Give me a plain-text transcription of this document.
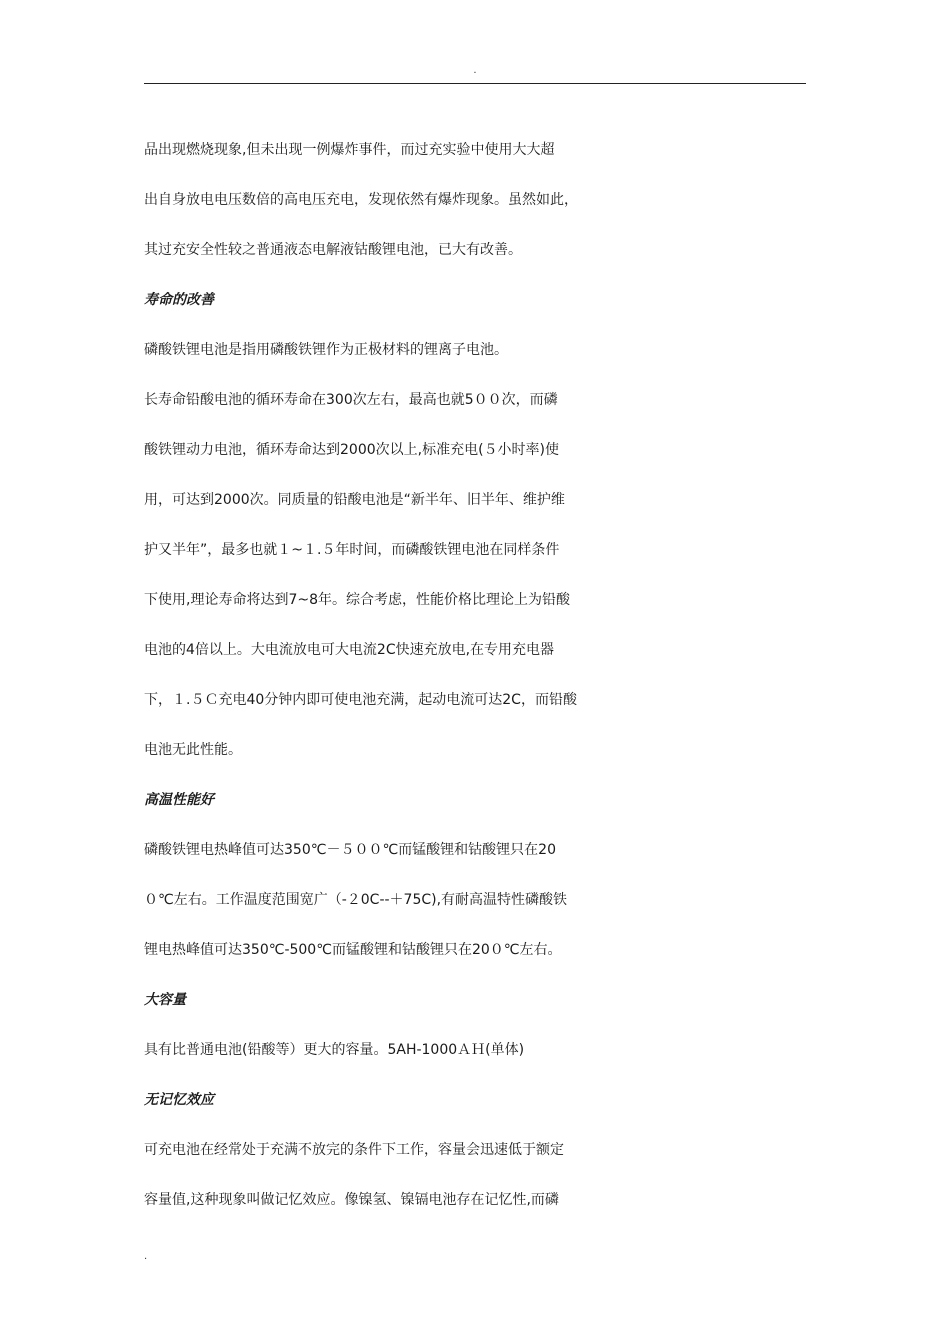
.
品出现燃烧现象,但未出现一例爆炸事件，而过充实验中使用大大超
出自身放电电压数倍的高电压充电，发现依然有爆炸现象。虽然如此，
其过充安全性较之普通液态电解液钴酸锂电池，已大有改善。
寿命的改善
磷酸铁锂电池是指用磷酸铁锂作为正极材料的锂离子电池。
长寿命铅酸电池的循环寿命在300次左右，最高也就5００次，而磷
酸铁锂动力电池，循环寿命达到2000次以上,标准充电(５小时率)使
用，可达到2000次。同质量的铅酸电池是“新半年、旧半年、维护维
护又半年”，最多也就１~１.５年时间，而磷酸铁锂电池在同样条件
下使用,理论寿命将达到7~8年。综合考虑，性能价格比理论上为铅酸
电池的4倍以上。大电流放电可大电流2C快速充放电,在专用充电器
下，１.５Ｃ充电40分钟内即可使电池充满，起动电流可达2C，而铅酸
电池无此性能。
高温性能好
磷酸铁锂电热峰值可达350℃－５００℃而锰酸锂和钴酸锂只在20
０℃左右。工作温度范围宽广（-２0C--＋75C),有耐高温特性磷酸铁
锂电热峰值可达350℃-500℃而锰酸锂和钴酸锂只在20０℃左右。
大容量
具有比普通电池(铅酸等）更大的容量。5AH-1000ＡＨ(单体)
无记忆效应
可充电池在经常处于充满不放完的条件下工作，容量会迅速低于额定
容量值,这种现象叫做记忆效应。像镍氢、镍镉电池存在记忆性,而磷
.
